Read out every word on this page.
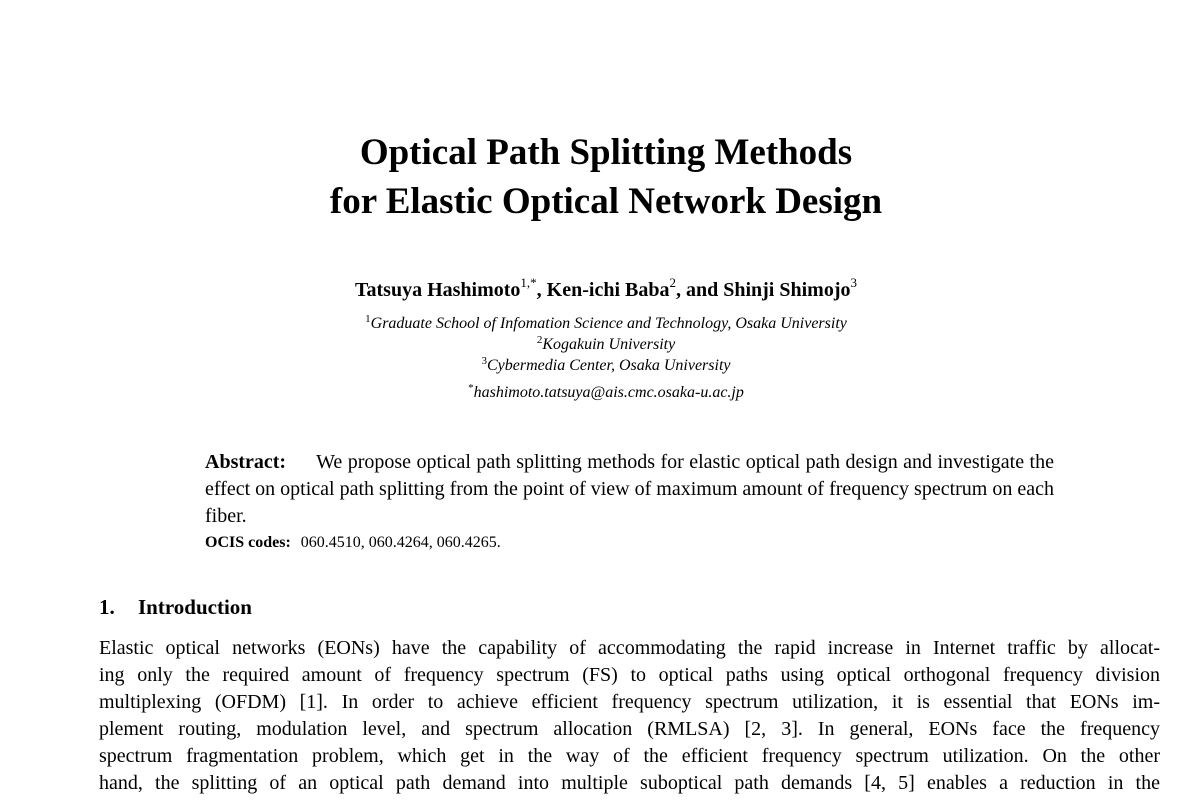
Optical Path Splitting Methods
for Elastic Optical Network Design
Tatsuya Hashimoto$^{1,*}$, Ken-ichi Baba$^2$, and Shinji Shimojo$^3$
$^1$Graduate School of Infomation Science and Technology, Osaka University
$^2$Kogakuin University
$^3$Cybermedia Center, Osaka University
*hashimoto.tatsuya@ais.cmc.osaka-u.ac.jp
Abstract: We propose optical path splitting methods for elastic optical path design and investigate the effect on optical path splitting from the point of view of maximum amount of frequency spectrum on each fiber.
OCIS codes: 060.4510, 060.4264, 060.4265.
1. Introduction
Elastic optical networks (EONs) have the capability of accommodating the rapid increase in Internet traffic by allocat-
ing only the required amount of frequency spectrum (FS) to optical paths using optical orthogonal frequency division
multiplexing (OFDM) [1]. In order to achieve efficient frequency spectrum utilization, it is essential that EONs im-
plement routing, modulation level, and spectrum allocation (RMLSA) [2, 3]. In general, EONs face the frequency
spectrum fragmentation problem, which get in the way of the efficient frequency spectrum utilization. On the other
hand, the splitting of an optical path demand into multiple suboptical path demands [4, 5] enables a reduction in the
